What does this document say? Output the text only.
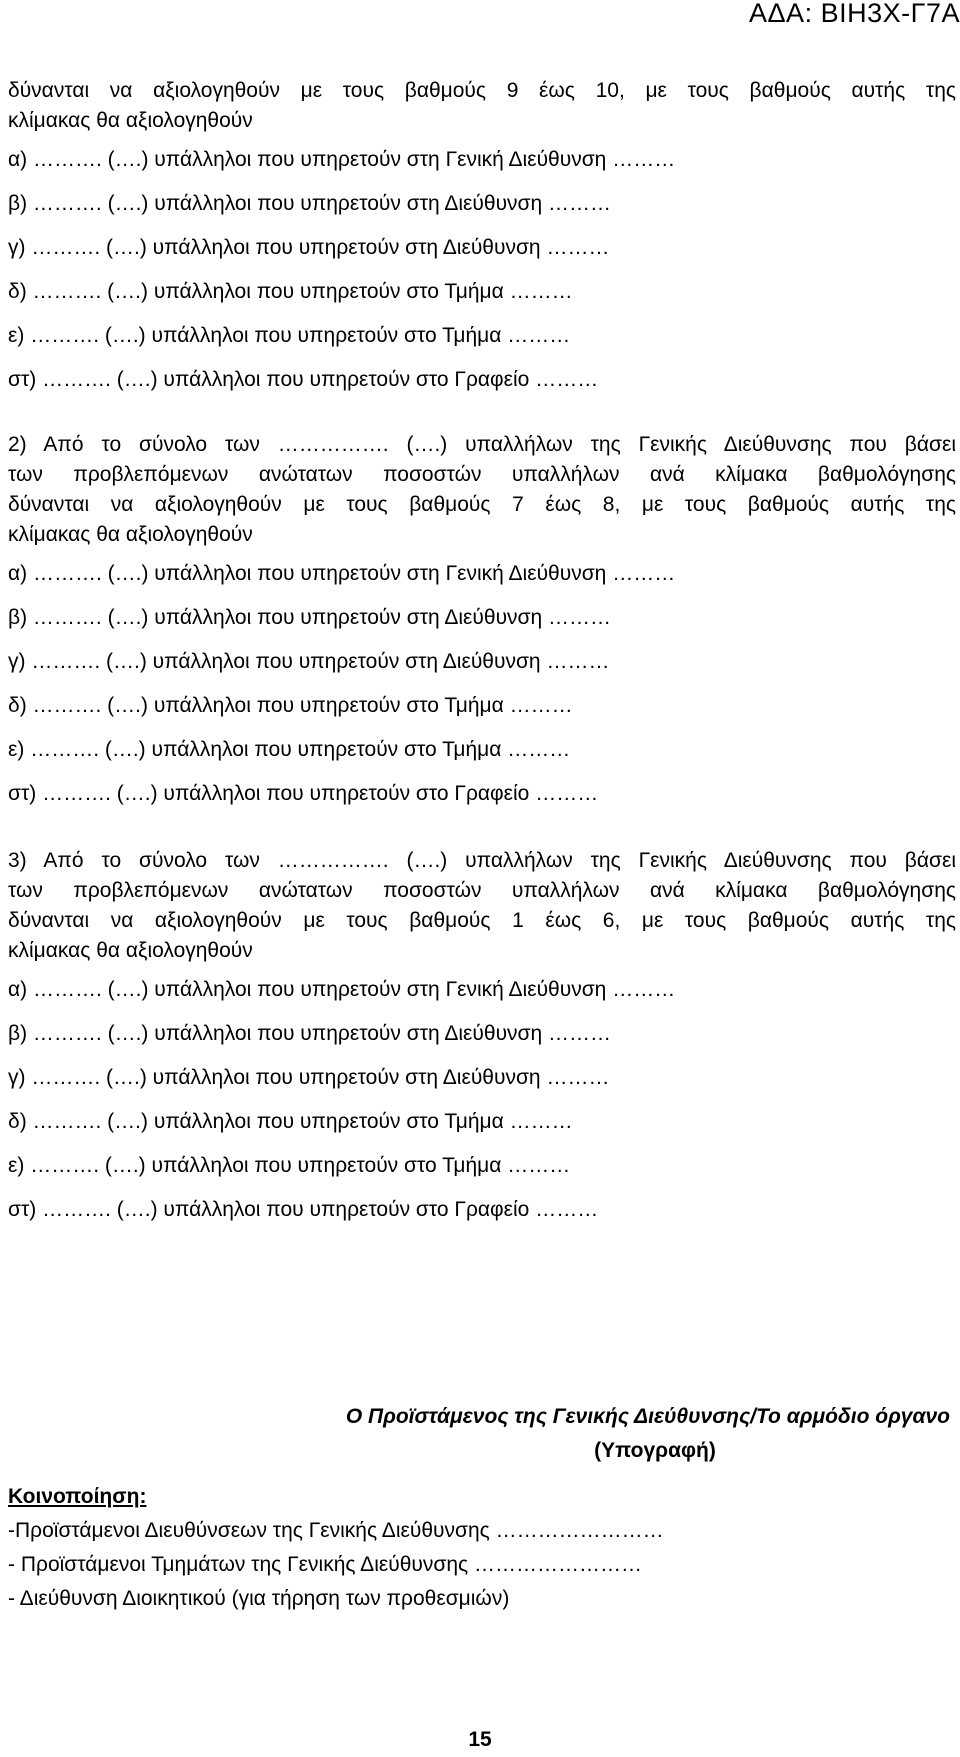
ΑΔΑ: ΒΙΗ3Χ-Γ7Α
δύνανται να αξιολογηθούν με τους βαθμούς 9 έως 10, με τους βαθμούς αυτής της
κλίμακας θα αξιολογηθούν
α) ………. (….) υπάλληλοι που υπηρετούν στη Γενική Διεύθυνση ………
β) ………. (….) υπάλληλοι που υπηρετούν στη Διεύθυνση ………
γ) ………. (….) υπάλληλοι που υπηρετούν στη Διεύθυνση ………
δ) ………. (….) υπάλληλοι που υπηρετούν στο Τμήμα ………
ε) ………. (….) υπάλληλοι που υπηρετούν στο Τμήμα ………
στ) ………. (….) υπάλληλοι που υπηρετούν στο Γραφείο ………
2) Από το σύνολο των ……………. (….) υπαλλήλων της Γενικής Διεύθυνσης που βάσει
των προβλεπόμενων ανώτατων ποσοστών υπαλλήλων ανά κλίμακα βαθμολόγησης
δύνανται να αξιολογηθούν με τους βαθμούς 7 έως 8, με τους βαθμούς αυτής της
κλίμακας θα αξιολογηθούν
α) ………. (….) υπάλληλοι που υπηρετούν στη Γενική Διεύθυνση ………
β) ………. (….) υπάλληλοι που υπηρετούν στη Διεύθυνση ………
γ) ………. (….) υπάλληλοι που υπηρετούν στη Διεύθυνση ………
δ) ………. (….) υπάλληλοι που υπηρετούν στο Τμήμα ………
ε) ………. (….) υπάλληλοι που υπηρετούν στο Τμήμα ………
στ) ………. (….) υπάλληλοι που υπηρετούν στο Γραφείο ………
3) Από το σύνολο των ……………. (….) υπαλλήλων της Γενικής Διεύθυνσης που βάσει
των προβλεπόμενων ανώτατων ποσοστών υπαλλήλων ανά κλίμακα βαθμολόγησης
δύνανται να αξιολογηθούν με τους βαθμούς 1 έως 6, με τους βαθμούς αυτής της
κλίμακας θα αξιολογηθούν
α) ………. (….) υπάλληλοι που υπηρετούν στη Γενική Διεύθυνση ………
β) ………. (….) υπάλληλοι που υπηρετούν στη Διεύθυνση ………
γ) ………. (….) υπάλληλοι που υπηρετούν στη Διεύθυνση ………
δ) ………. (….) υπάλληλοι που υπηρετούν στο Τμήμα ………
ε) ………. (….) υπάλληλοι που υπηρετούν στο Τμήμα ………
στ) ………. (….) υπάλληλοι που υπηρετούν στο Γραφείο ………
Ο Προϊστάμενος της Γενικής Διεύθυνσης/Το αρμόδιο όργανο
(Υπογραφή)
Κοινοποίηση:
-Προϊστάμενοι Διευθύνσεων της Γενικής Διεύθυνσης ……………………
- Προϊστάμενοι Τμημάτων της Γενικής Διεύθυνσης ……………………
- Διεύθυνση Διοικητικού (για τήρηση των προθεσμιών)
15
